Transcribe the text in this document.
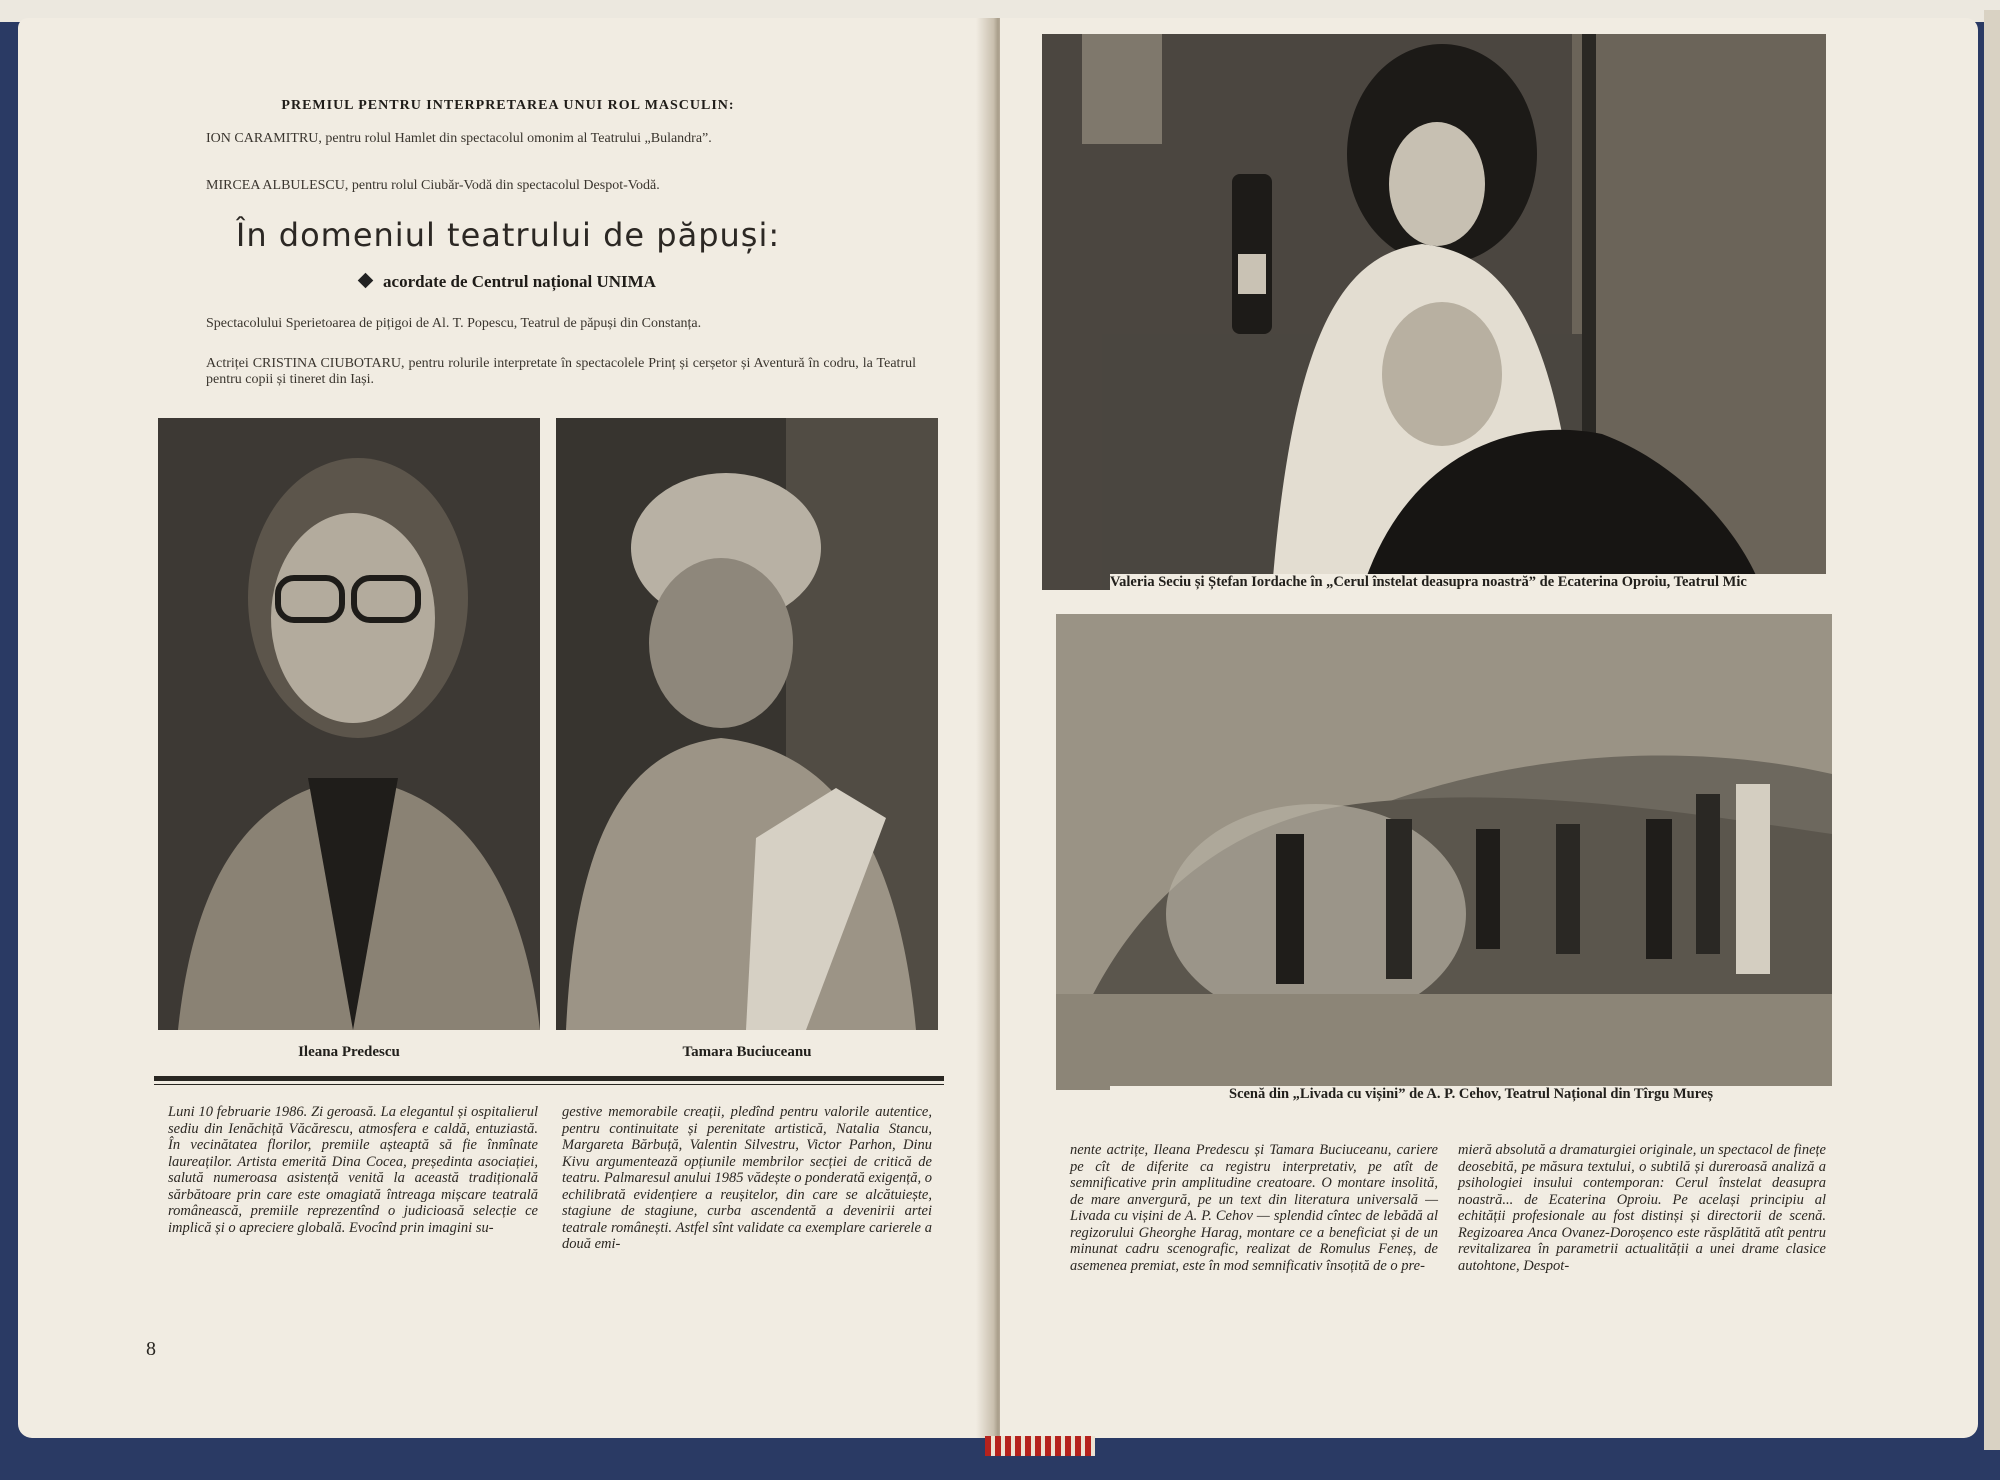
PREMIUL PENTRU INTERPRETAREA UNUI ROL MASCULIN:
ION CARAMITRU, pentru rolul Hamlet din spectacolul omonim al Teatrului „Bulandra”.
MIRCEA ALBULESCU, pentru rolul Ciubăr-Vodă din spectacolul Despot-Vodă.
În domeniul teatrului de păpuși:
acordate de Centrul național UNIMA
Spectacolului Sperietoarea de pițigoi de Al. T. Popescu, Teatrul de păpuși din Constanța.
Actriței CRISTINA CIUBOTARU, pentru rolurile interpretate în spectacolele Prinț și cerșetor și Aventură în codru, la Teatrul pentru copii și tineret din Iași.
Ileana Predescu	Tamara Buciuceanu
Luni 10 februarie 1986. Zi geroasă. La elegantul și ospitalierul sediu din Ienăchiță Văcărescu, atmosfera e caldă, entuziastă. În vecinătatea florilor, premiile așteaptă să fie înmînate laureaților. Artista emerită Dina Cocea, președinta asociației, salută numeroasa asistență venită la această tradițională sărbătoare prin care este omagiată întreaga mișcare teatrală românească, premiile reprezentînd o judicioasă selecție ce implică și o apreciere globală. Evocînd prin imagini su-
gestive memorabile creații, pledînd pentru valorile autentice, pentru continuitate și perenitate artistică, Natalia Stancu, Margareta Bărbuță, Valentin Silvestru, Victor Parhon, Dinu Kivu argumentează opțiunile membrilor secției de critică de teatru. Palmaresul anului 1985 vădește o ponderată exigență, o echilibrată evidențiere a reușitelor, din care se alcătuiește, stagiune de stagiune, curba ascendentă a devenirii artei teatrale românești. Astfel sînt validate ca exemplare carierele a două emi-
8
Valeria Seciu și Ștefan Iordache în „Cerul înstelat deasupra noastră” de Ecaterina Oproiu, Teatrul Mic
Scenă din „Livada cu vișini” de A. P. Cehov, Teatrul Național din Tîrgu Mureș
nente actrițe, Ileana Predescu și Tamara Buciuceanu, cariere pe cît de diferite ca registru interpretativ, pe atît de semnificative prin amplitudine creatoare. O montare insolită, de mare anvergură, pe un text din literatura universală — Livada cu vișini de A. P. Cehov — splendid cîntec de lebădă al regizorului Gheorghe Harag, montare ce a beneficiat și de un minunat cadru scenografic, realizat de Romulus Feneș, de asemenea premiat, este în mod semnificativ însoțită de o pre-
mieră absolută a dramaturgiei originale, un spectacol de finețe deosebită, pe măsura textului, o subtilă și dureroasă analiză a psihologiei insului contemporan: Cerul înstelat deasupra noastră... de Ecaterina Oproiu. Pe același principiu al echității profesionale au fost distinși și directorii de scenă. Regizoarea Anca Ovanez-Doroșenco este răsplătită atît pentru revitalizarea în parametrii actualității a unei drame clasice autohtone, Despot-
